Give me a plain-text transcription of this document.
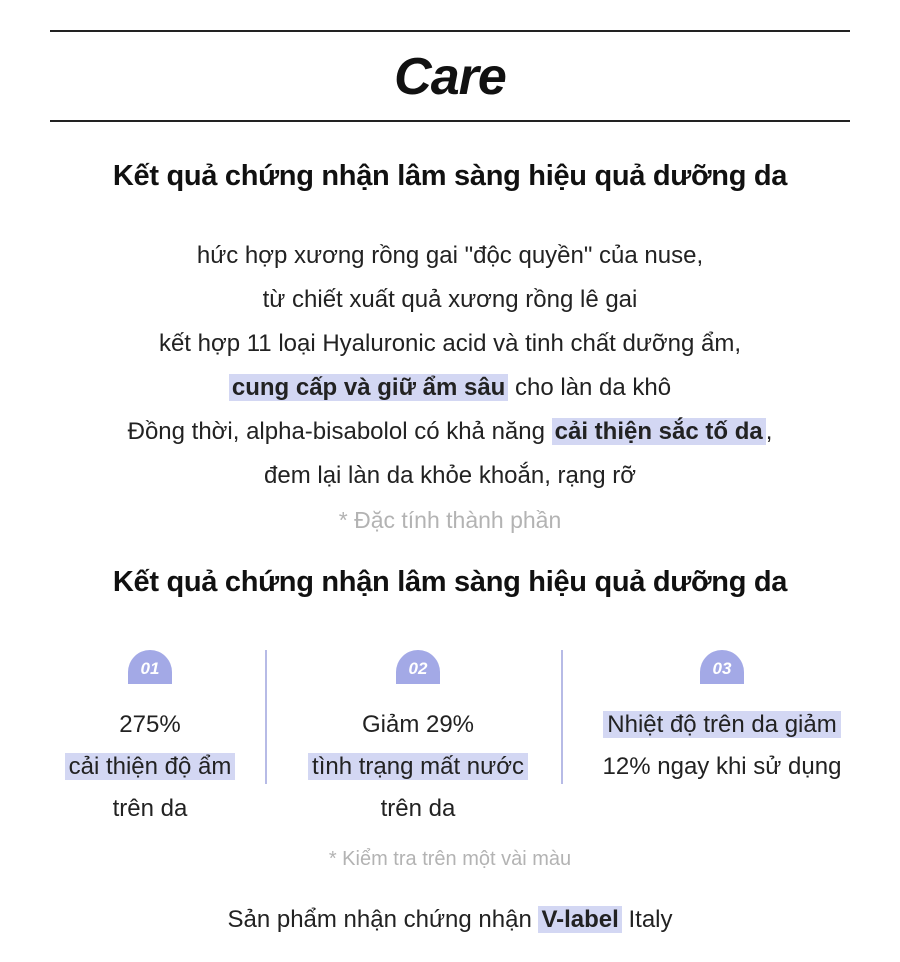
Care
Kết quả chứng nhận lâm sàng hiệu quả dưỡng da
hức hợp xương rồng gai "độc quyền" của nuse,
từ chiết xuất quả xương rồng lê gai
kết hợp 11 loại Hyaluronic acid và tinh chất dưỡng ẩm,
cung cấp và giữ ẩm sâu cho làn da khô
Đồng thời, alpha-bisabolol có khả năng cải thiện sắc tố da ,
đem lại làn da khỏe khoắn, rạng rỡ
* Đặc tính thành phần
Kết quả chứng nhận lâm sàng hiệu quả dưỡng da
01
275%
cải thiện độ ẩm
trên da
02
Giảm 29%
tình trạng mất nước
trên da
03
Nhiệt độ trên da giảm
12% ngay khi sử dụng
* Kiểm tra trên một vài màu
Sản phẩm nhận chứng nhận V-label Italy
